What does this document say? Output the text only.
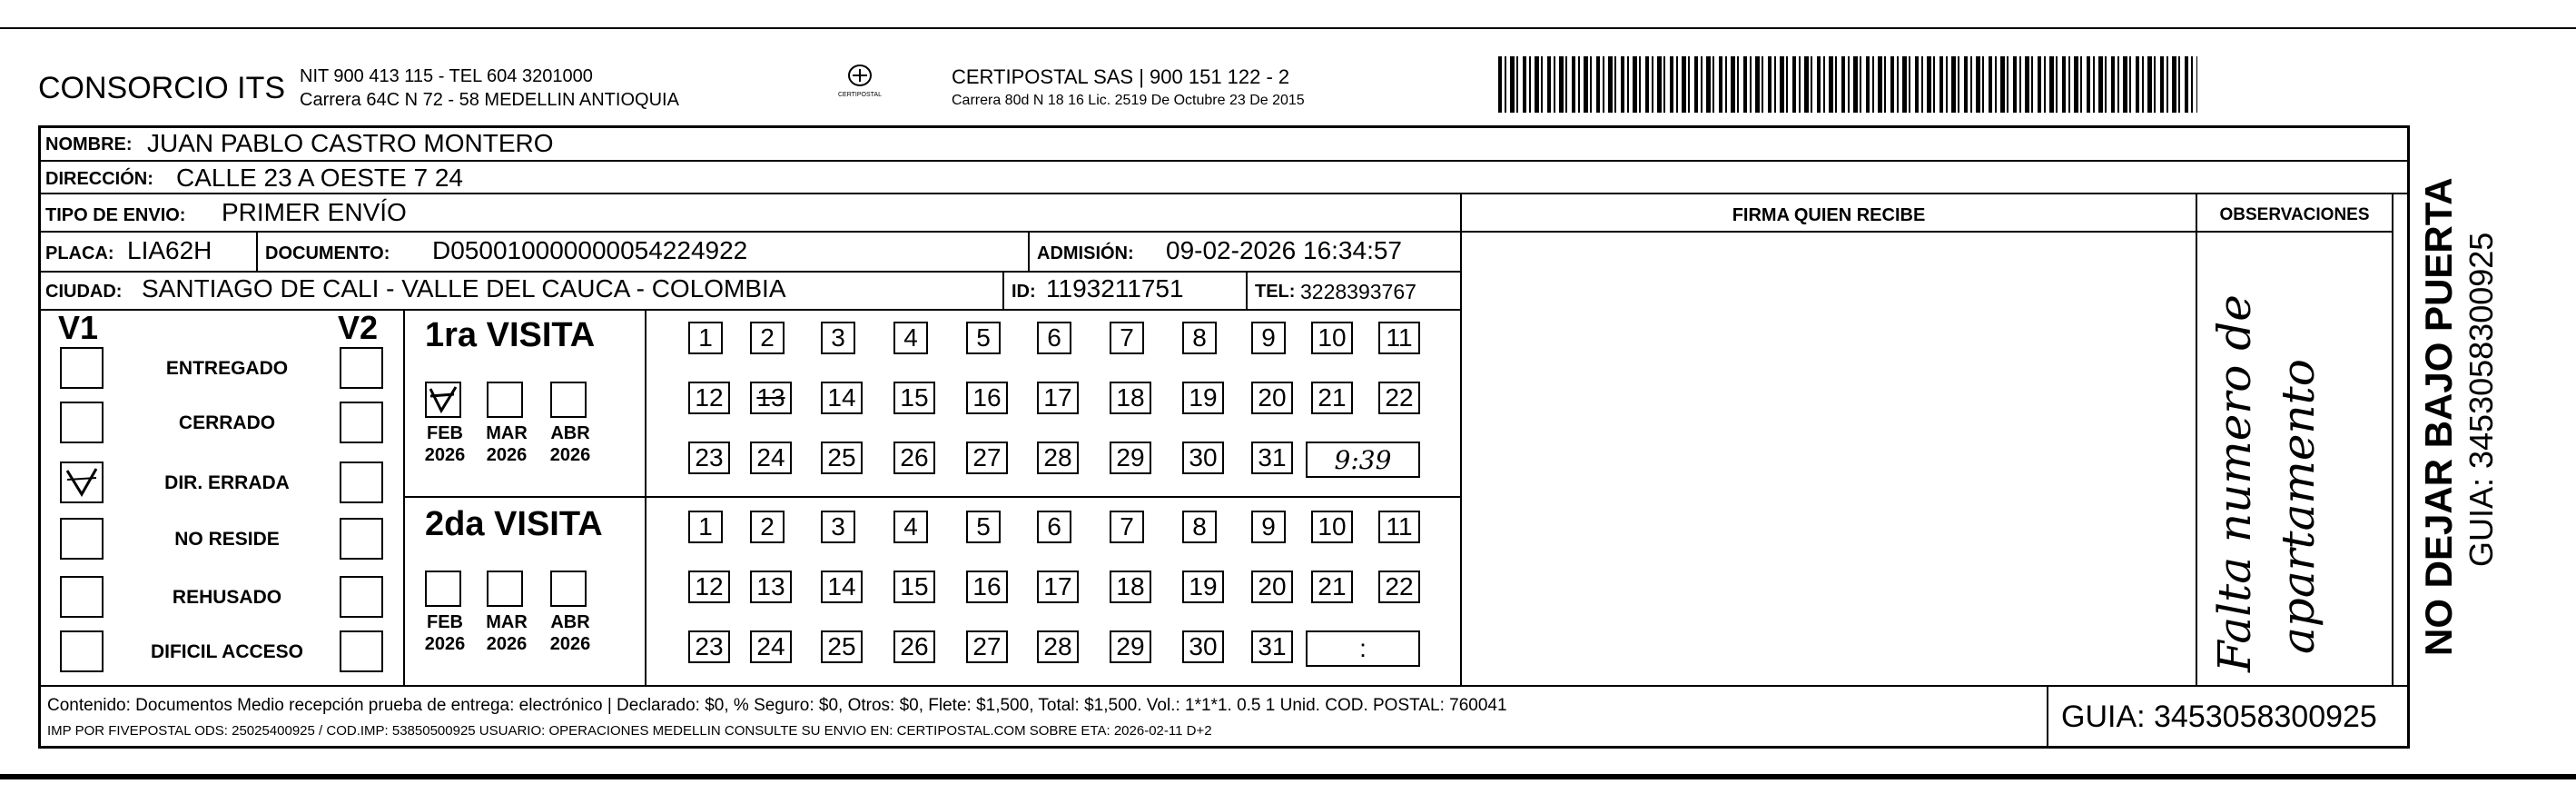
CONSORCIO ITS NIT 900 413 115 - TEL 604 3201000
Carrera 64C N 72 - 58 MEDELLIN ANTIOQUIA	CERTIPOSTAL
CERTIPOSTAL SAS | 900 151 122 - 2
Carrera 80d N 18 16 Lic. 2519 De Octubre 23 De 2015
NOMBRE: JUAN PABLO CASTRO MONTERO
DIRECCIÓN: CALLE 23 A OESTE 7 24
TIPO DE ENVIO: PRIMER ENVÍO	FIRMA QUIEN RECIBE	OBSERVACIONES
PLACA: LIA62H	DOCUMENTO: D050010000000054224922	ADMISIÓN: 09-02-2026 16:34:57
CIUDAD: SANTIAGO DE CALI - VALLE DEL CAUCA - COLOMBIA	ID: 1193211751	TEL: 3228393767
V1	V2
ENTREGADO
CERRADO
DIR. ERRADA
NO RESIDE
REHUSADO
DIFICIL ACCESO
1ra VISITA
FEB
2026
MAR
2026
ABR
2026
1	2	3	4	5	6	7	8	9	10	11
12 13 14 15 16 17 18 19 20 21 22
23 24 25 26 27 28 29 30 31	9:39
2da VISITA
FEB
2026
MAR
2026
ABR
2026
1	2	3	4	5	6	7	8	9	10	11
12 13 14 15 16 17 18 19 20 21 22
23 24 25 26 27 28 29 30 31	:	Falta numero de apartamento
Contenido: Documentos Medio recepción prueba de entrega: electrónico | Declarado: $0, % Seguro: $0, Otros: $0, Flete: $1,500, Total: $1,500. Vol.: 1*1*1. 0.5 1 Unid. COD. POSTAL: 760041
IMP POR FIVEPOSTAL ODS: 25025400925 / COD.IMP: 53850500925 USUARIO: OPERACIONES MEDELLIN CONSULTE SU ENVIO EN: CERTIPOSTAL.COM SOBRE ETA: 2026-02-11 D+2	GUIA: 3453058300925
NO DEJAR BAJO PUERTA GUIA: 3453058300925
